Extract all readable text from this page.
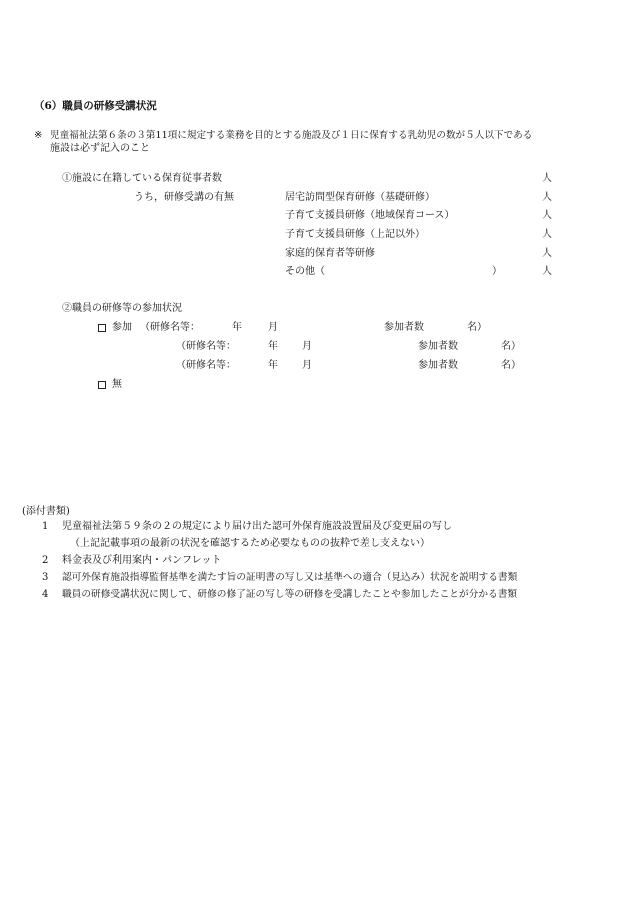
（6）職員の研修受講状況
※ 児童福祉法第６条の３第11項に規定する業務を目的とする施設及び１日に保育する乳幼児の数が５人以下である
施設は必ず記入のこと
①施設に在籍している保育従事者数	人
うち，研修受講の有無	居宅訪問型保育研修（基礎研修）	人
子育て支援員研修（地域保育コース）	人
子育て支援員研修（上記以外）	人
家庭的保育者等研修	人
その他（	）	人
②職員の研修等の参加状況
参加 （研修名等：	年	月	参加者数	名）
（研修名等：	年 月	参加者数	名）
（研修名等：	年 月	参加者数	名）
無
(添付書類)
1 児童福祉法第５９条の２の規定により届け出た認可外保育施設設置届及び変更届の写し
（上記記載事項の最新の状況を確認するため必要なものの抜粋で差し支えない）
2 料金表及び利用案内・パンフレット
3 認可外保育施設指導監督基準を満たす旨の証明書の写し又は基準への適合（見込み）状況を説明する書類
4 職員の研修受講状況に関して、研修の修了証の写し等の研修を受講したことや参加したことが分かる書類
